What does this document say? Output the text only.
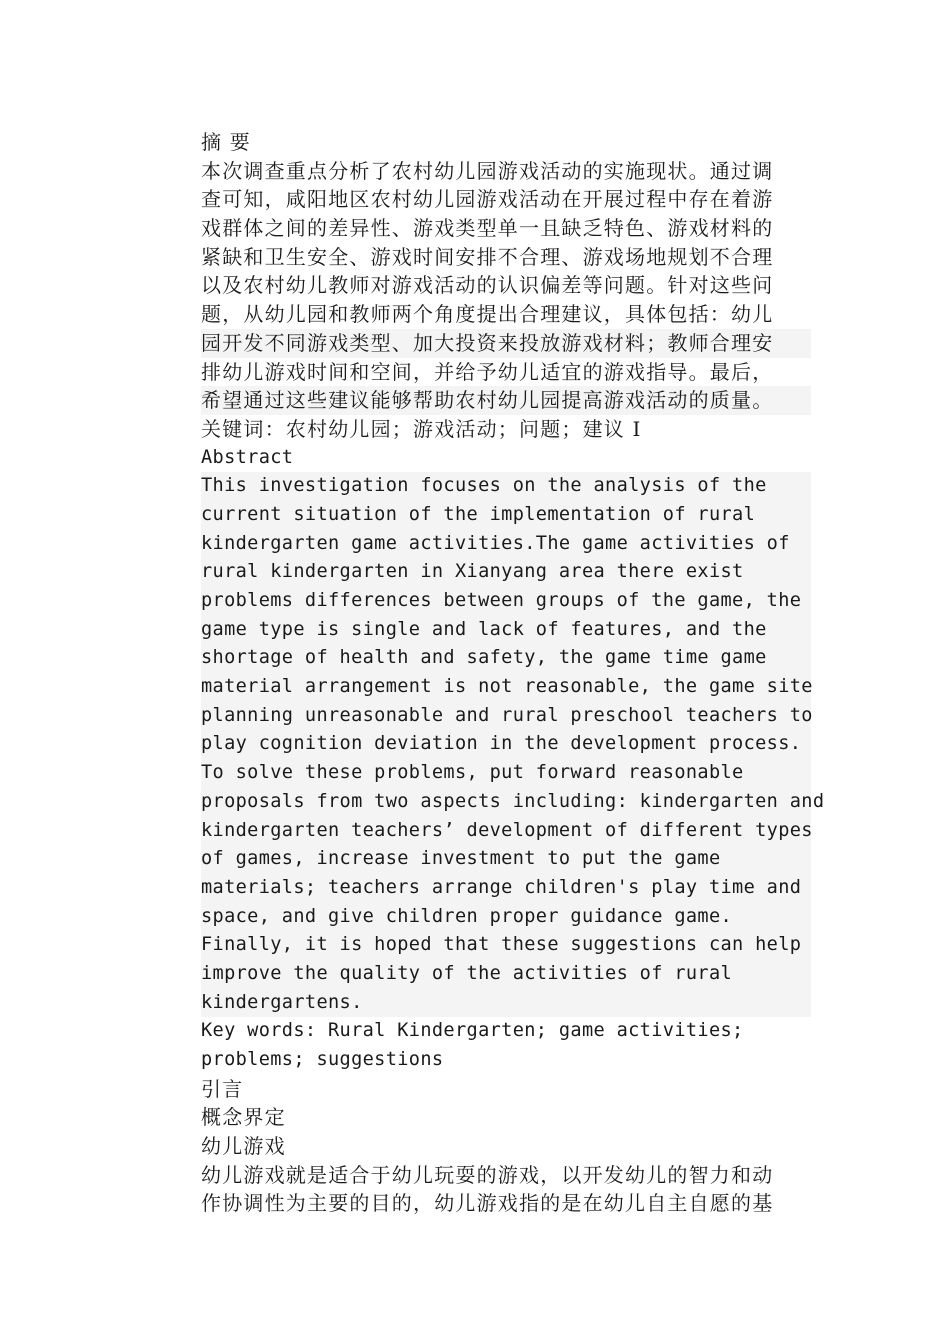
摘 要
本次调查重点分析了农村幼儿园游戏活动的实施现状。通过调
查可知，咸阳地区农村幼儿园游戏活动在开展过程中存在着游
戏群体之间的差异性、游戏类型单一且缺乏特色、游戏材料的
紧缺和卫生安全、游戏时间安排不合理、游戏场地规划不合理
以及农村幼儿教师对游戏活动的认识偏差等问题。针对这些问
题，从幼儿园和教师两个角度提出合理建议，具体包括：幼儿
园开发不同游戏类型、加大投资来投放游戏材料；教师合理安
排幼儿游戏时间和空间，并给予幼儿适宜的游戏指导。最后，
希望通过这些建议能够帮助农村幼儿园提高游戏活动的质量。
关键词：农村幼儿园；游戏活动；问题；建议 I
Abstract
This investigation focuses on the analysis of the
current situation of the implementation of rural
kindergarten game activities.The game activities of
rural kindergarten in Xianyang area there exist
problems differences between groups of the game, the
game type is single and lack of features, and the
shortage of health and safety, the game time game
material arrangement is not reasonable, the game site
planning unreasonable and rural preschool teachers to
play cognition deviation in the development process.
To solve these problems, put forward reasonable
proposals from two aspects including: kindergarten and
kindergarten teachers’ development of different types
of games, increase investment to put the game
materials; teachers arrange children's play time and
space, and give children proper guidance game.
Finally, it is hoped that these suggestions can help
improve the quality of the activities of rural
kindergartens.
Key words: Rural Kindergarten; game activities;
problems; suggestions
引言
概念界定
幼儿游戏
幼儿游戏就是适合于幼儿玩耍的游戏，以开发幼儿的智力和动
作协调性为主要的目的，幼儿游戏指的是在幼儿自主自愿的基
